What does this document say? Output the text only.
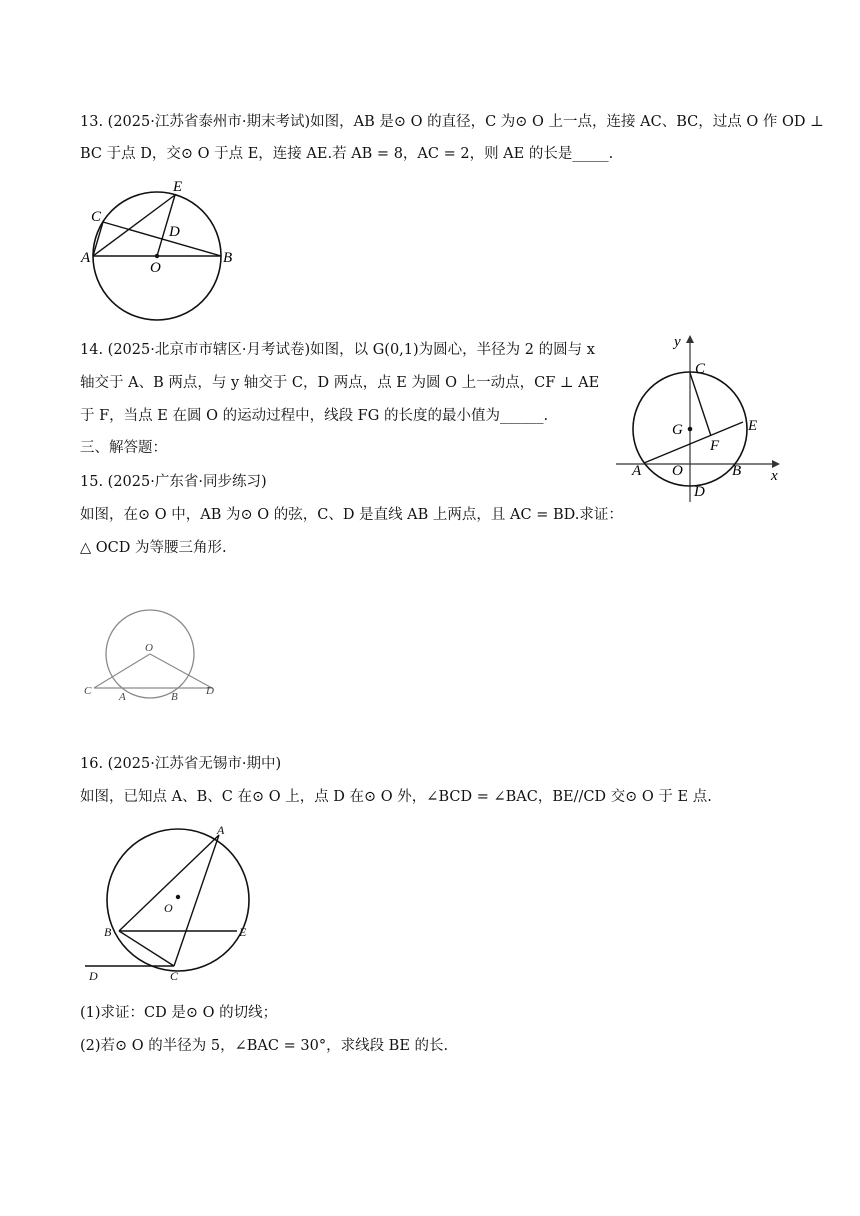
13. (2025·江苏省泰州市·期末考试)如图，AB 是⊙ O 的直径，C 为⊙ O 上一点，连接 AC、BC，过点 O 作 OD ⊥
BC 于点 D，交⊙ O 于点 E，连接 AE.若 AB = 8，AC = 2，则 AE 的长是_____.
A	B
C
D
E
O
14. (2025·北京市市辖区·月考试卷)如图，以 G(0,1)为圆心，半径为 2 的圆与 x
轴交于 A、B 两点，与 y 轴交于 C，D 两点，点 E 为圆 O 上一动点，CF ⊥ AE
于 F，当点 E 在圆 O 的运动过程中，线段 FG 的长度的最小值为______.
y
x
C
G	E
F
A O	B
D
三、解答题：
15. (2025·广东省·同步练习)
如图，在⊙ O 中，AB 为⊙ O 的弦，C、D 是直线 AB 上两点，且 AC = BD.求证：
△ OCD 为等腰三角形.
O
C	A	B	D
16. (2025·江苏省无锡市·期中)
如图，已知点 A、B、C 在⊙ O 上，点 D 在⊙ O 外，∠BCD = ∠BAC，BE//CD 交⊙ O 于 E 点.
A
O
B	E
D	C
(1)求证：CD 是⊙ O 的切线；
(2)若⊙ O 的半径为 5，∠BAC = 30°，求线段 BE 的长.
